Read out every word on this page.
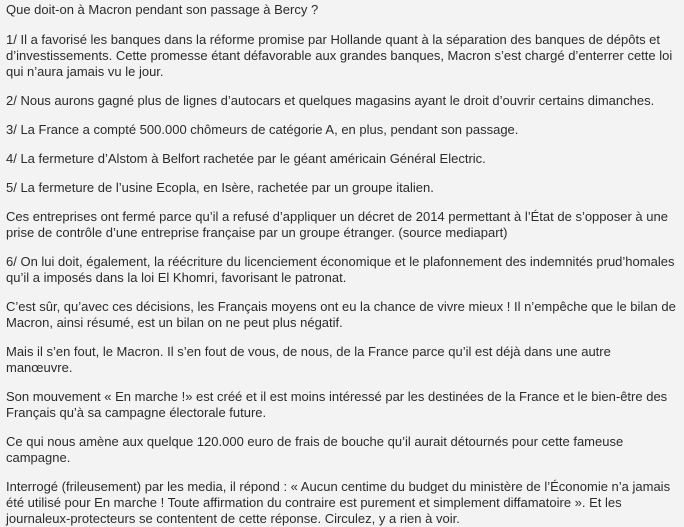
Que doit-on à Macron pendant son passage à Bercy ?

1/ Il a favorisé les banques dans la réforme promise par Hollande quant à la séparation des banques de dépôts et d’investissements. Cette promesse étant défavorable aux grandes banques, Macron s’est chargé d’enterrer cette loi qui n’aura jamais vu le jour.

2/ Nous aurons gagné plus de lignes d’autocars et quelques magasins ayant le droit d’ouvrir certains dimanches.

3/ La France a compté 500.000 chômeurs de catégorie A, en plus, pendant son passage.

4/ La fermeture d’Alstom à Belfort rachetée par le géant américain Général Electric.

5/ La fermeture de l’usine Ecopla, en Isère, rachetée par un groupe italien.

Ces entreprises ont fermé parce qu’il a refusé d’appliquer un décret de 2014 permettant à l’État de s’opposer à une prise de contrôle d’une entreprise française par un groupe étranger. (source mediapart)

6/ On lui doit, également, la réécriture du licenciement économique et le plafonnement des indemnités prud’homales qu’il a imposés dans la loi El Khomri, favorisant le patronat.

C’est sûr, qu’avec ces décisions, les Français moyens ont eu la chance de vivre mieux ! Il n’empêche que le bilan de Macron, ainsi résumé, est un bilan on ne peut plus négatif.

Mais il s’en fout, le Macron. Il s’en fout de vous, de nous, de la France parce qu’il est déjà dans une autre manœuvre.

Son mouvement « En marche !» est créé et il est moins intéressé par les destinées de la France et le bien-être des Français qu’à sa campagne électorale future.

Ce qui nous amène aux quelque 120.000 euro de frais de bouche qu’il aurait détournés pour cette fameuse campagne.

Interrogé (frileusement) par les media, il répond : « Aucun centime du budget du ministère de l’Économie n’a jamais été utilisé pour En marche ! Toute affirmation du contraire est purement et simplement diffamatoire ». Et les journaleux-protecteurs se contentent de cette réponse. Circulez, y a rien à voir.
